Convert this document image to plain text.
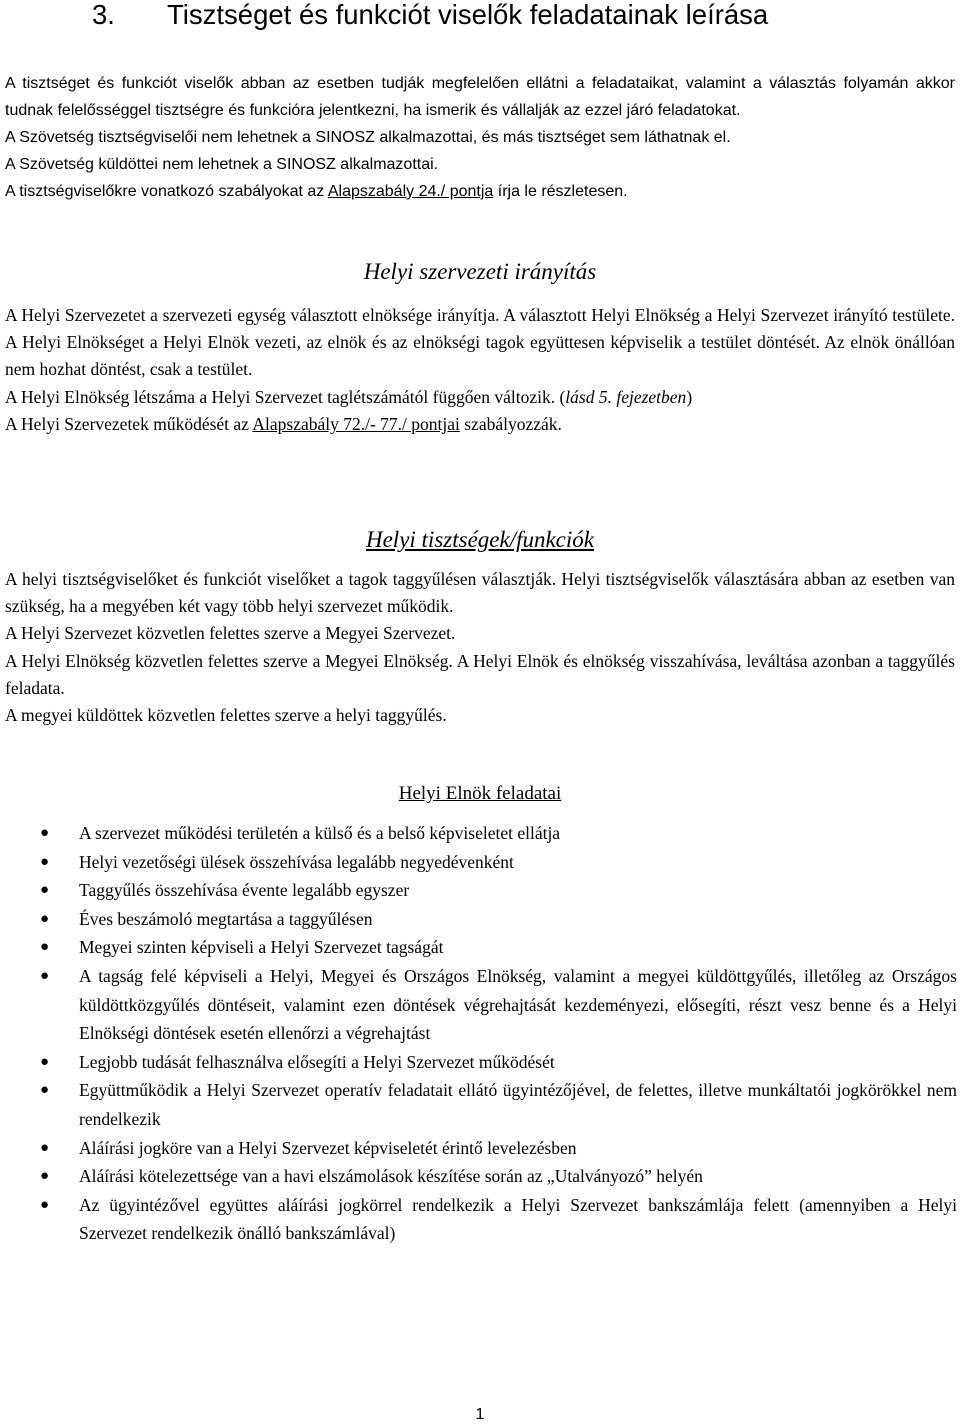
3. Tisztséget és funkciót viselők feladatainak leírása

A tisztséget és funkciót viselők abban az esetben tudják megfelelően ellátni a feladataikat, valamint a választás folyamán akkor tudnak felelősséggel tisztségre és funkcióra jelentkezni, ha ismerik és vállalják az ezzel járó feladatokat.

A Szövetség tisztségviselői nem lehetnek a SINOSZ alkalmazottai, és más tisztséget sem láthatnak el.

A Szövetség küldöttei nem lehetnek a SINOSZ alkalmazottai.

A tisztségviselőkre vonatkozó szabályokat az Alapszabály 24./ pontja írja le részletesen.

Helyi szervezeti irányítás

A Helyi Szervezetet a szervezeti egység választott elnöksége irányítja. A választott Helyi Elnökség a Helyi Szervezet irányító testülete. A Helyi Elnökséget a Helyi Elnök vezeti, az elnök és az elnökségi tagok együttesen képviselik a testület döntését. Az elnök önállóan nem hozhat döntést, csak a testület.

A Helyi Elnökség létszáma a Helyi Szervezet taglétszámától függően változik. (lásd 5. fejezetben)

A Helyi Szervezetek működését az Alapszabály 72./- 77./ pontjai szabályozzák.

Helyi tisztségek/funkciók

A helyi tisztségviselőket és funkciót viselőket a tagok taggyűlésen választják. Helyi tisztségviselők választására abban az esetben van szükség, ha a megyében két vagy több helyi szervezet működik.

A Helyi Szervezet közvetlen felettes szerve a Megyei Szervezet.

A Helyi Elnökség közvetlen felettes szerve a Megyei Elnökség. A Helyi Elnök és elnökség visszahívása, leváltása azonban a taggyűlés feladata.

A megyei küldöttek közvetlen felettes szerve a helyi taggyűlés.

Helyi Elnök feladatai
● A szervezet működési területén a külső és a belső képviseletet ellátja
● Helyi vezetőségi ülések összehívása legalább negyedévenként
● Taggyűlés összehívása évente legalább egyszer
● Éves beszámoló megtartása a taggyűlésen
● Megyei szinten képviseli a Helyi Szervezet tagságát
● A tagság felé képviseli a Helyi, Megyei és Országos Elnökség, valamint a megyei küldöttgyűlés, illetőleg az Országos küldöttközgyűlés döntéseit, valamint ezen döntések végrehajtását kezdeményezi, elősegíti, részt vesz benne és a Helyi Elnökségi döntések esetén ellenőrzi a végrehajtást
● Legjobb tudását felhasználva elősegíti a Helyi Szervezet működését
● Együttműködik a Helyi Szervezet operatív feladatait ellátó ügyintézőjével, de felettes, illetve munkáltatói jogkörökkel nem rendelkezik
● Aláírási jogköre van a Helyi Szervezet képviseletét érintő levelezésben
● Aláírási kötelezettsége van a havi elszámolások készítése során az „Utalványozó” helyén
● Az ügyintézővel együttes aláírási jogkörrel rendelkezik a Helyi Szervezet bankszámlája felett (amennyiben a Helyi Szervezet rendelkezik önálló bankszámlával)
1
